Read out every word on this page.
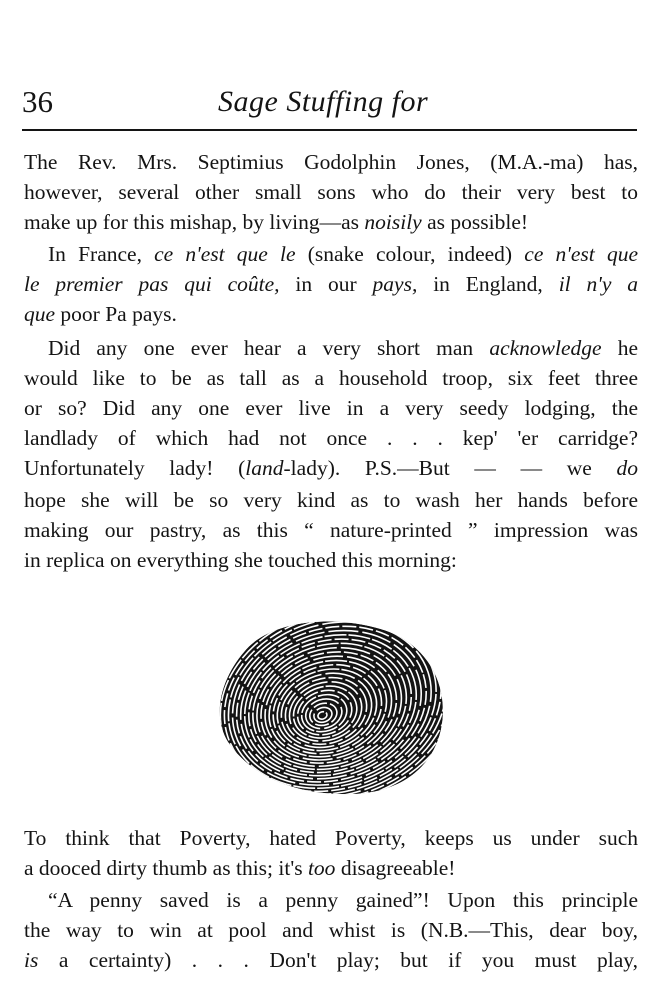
36	Sage Stuffing for
The Rev. Mrs. Septimius Godolphin Jones, (M.A.-ma) has,
however, several other small sons who do their very best to
make up for this mishap, by living—as noisily as possible!
In France, ce n'est que le (snake colour, indeed) ce n'est que
le premier pas qui coûte, in our pays, in England, il n'y a
que poor Pa pays.
Did any one ever hear a very short man acknowledge he
would like to be as tall as a household troop, six feet three
or so? Did any one ever live in a very seedy lodging, the
landlady of which had not once . . . kep' 'er carridge?
Unfortunately lady! (land-lady). P.S.—But — — we do
hope she will be so very kind as to wash her hands before
making our pastry, as this “ nature-printed ” impression was
in replica on everything she touched this morning:
To think that Poverty, hated Poverty, keeps us under such
a dooced dirty thumb as this; it's too disagreeable!
“A penny saved is a penny gained”! Upon this principle
the way to win at pool and whist is (N.B.—This, dear boy,
is a certainty) . . . Don't play; but if you must play,
